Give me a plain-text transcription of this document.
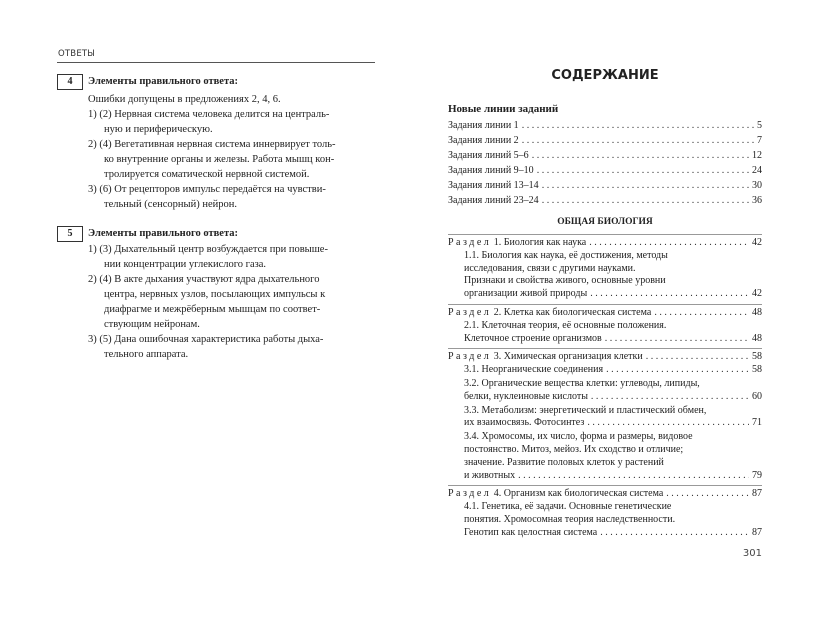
ОТВЕТЫ
4	Элементы правильного ответа:
Ошибки допущены в предложениях 2, 4, 6.
1) (2) Нервная система человека делится на централь-
ную и периферическую.
2) (4) Вегетативная нервная система иннервирует толь-
ко внутренние органы и железы. Работа мышц кон-
тролируется соматической нервной системой.
3) (6) От рецепторов импульс передаётся на чувстви-
тельный (сенсорный) нейрон.
5	Элементы правильного ответа:
1) (3) Дыхательный центр возбуждается при повыше-
нии концентрации углекислого газа.
2) (4) В акте дыхания участвуют ядра дыхательного
центра, нервных узлов, посылающих импульсы к
диафрагме и межрёберным мышцам по соответ-
ствующим нейронам.
3) (5) Дана ошибочная характеристика работы дыха-
тельного аппарата.
СОДЕРЖАНИЕ
Новые линии заданий
Задания линии 1 . . .	5
Задания линии 2 . . .	7
Задания линий 5–6 . . .	12
Задания линий 9–10 . . .	24
Задания линий 13–14 . . .	30
Задания линий 23–24 . . .	36
ОБЩАЯ БИОЛОГИЯ
Раздел 1. Биология как наука . . .	42
1.1. Биология как наука, её достижения, методы
исследования, связи с другими науками.
Признаки и свойства живого, основные уровни
организации живой природы . . .	42
Раздел 2. Клетка как биологическая система . . .	48
2.1. Клеточная теория, её основные положения.
Клеточное строение организмов . . .	48
Раздел 3. Химическая организация клетки . . .	58
3.1. Неорганические соединения . . .	58
3.2. Органические вещества клетки: углеводы, липиды,
белки, нуклеиновые кислоты . . .	60
3.3. Метаболизм: энергетический и пластический обмен,
их взаимосвязь. Фотосинтез . . .	71
3.4. Хромосомы, их число, форма и размеры, видовое
постоянство. Митоз, мейоз. Их сходство и отличие;
значение. Развитие половых клеток у растений
и животных . . .	79
Раздел 4. Организм как биологическая система . . .	87
4.1. Генетика, её задачи. Основные генетические
понятия. Хромосомная теория наследственности.
Генотип как целостная система . . .	87
301
